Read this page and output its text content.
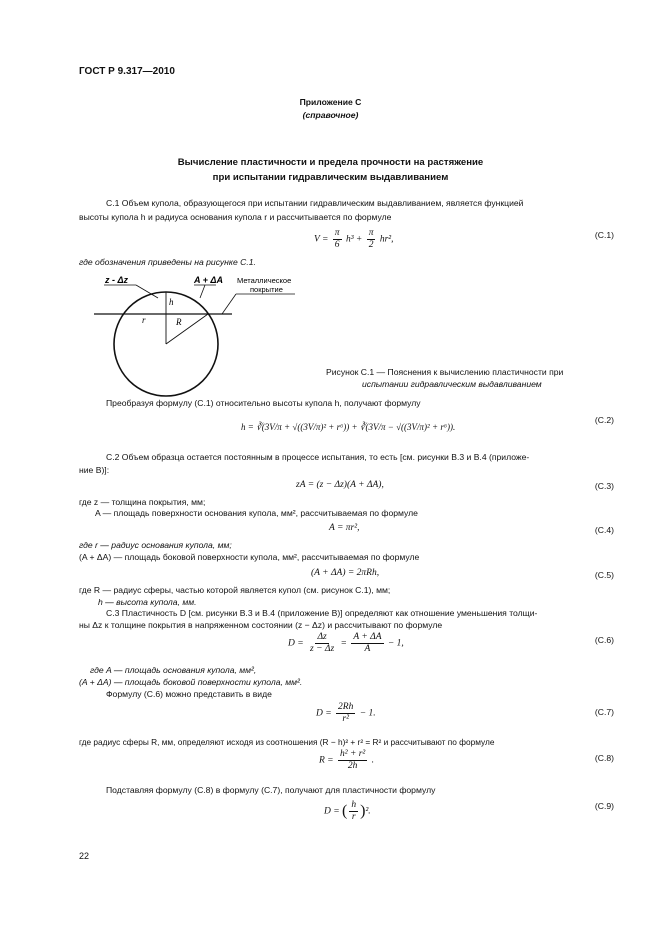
ГОСТ Р 9.317—2010
Приложение С
(справочное)
Вычисление пластичности и предела прочности на растяжение
при испытании гидравлическим выдавливанием
С.1 Объем купола, образующегося при испытании гидравлическим выдавливанием, является функцией
высоты купола h и радиуса основания купола r и рассчитывается по формуле
$V = \frac{\pi}{6} h^3 + \frac{\pi}{2} hr^2$,	(С.1)
где обозначения приведены на рисунке С.1.
z - Δz	A + ΔA Металлическое
покрытие
h
r	R
Рисунок С.1 — Пояснения к вычислению пластичности при
испытании гидравлическим выдавливанием
Преобразуя формулу (С.1) относительно высоты купола h, получают формулу
h = ∛(3V/π + √((3V/π)² + r⁶)) + ∛(3V/π − √((3V/π)² + r⁶)).
(С.2)
С.2 Объем образца остается постоянным в процессе испытания, то есть [см. рисунки В.3 и В.4 (приложе-
ние В)]:
zA = (z − Δz)(A + ΔA),	(С.3)
где z — толщина покрытия, мм;
A — площадь поверхности основания купола, мм², рассчитываемая по формуле
A = πr²,	(С.4)
где r — радиус основания купола, мм;
(A + ΔA) — площадь боковой поверхности купола, мм², рассчитываемая по формуле
(A + ΔA) = 2πRh,	(С.5)
где R — радиус сферы, частью которой является купол (см. рисунок С.1), мм;
h — высота купола, мм.
С.3 Пластичность D [см. рисунки В.3 и В.4 (приложение В)] определяют как отношение уменьшения толщи-
ны Δz к толщине покрытия в напряженном состоянии (z − Δz) и рассчитывают по формуле
$D = \frac{\Delta z}{z - \Delta z} = \frac{A + \Delta A}{A} - 1$,	(С.6)
где A — площадь основания купола, мм²,
(A + ΔA) — площадь боковой поверхности купола, мм².
Формулу (С.6) можно представить в виде
$D = \frac{2Rh}{\text{r²}} - 1$.	(С.7)
где радиус сферы R, мм, определяют исходя из соотношения (R − h)² + r² = R² и рассчитывают по формуле
$R = \frac{\text{h² + r²}}{2h}$ .	(С.8)
Подставляя формулу (С.8) в формулу (С.7), получают для пластичности формулу
D = ( $\frac{h}{r} )^2$.
(С.9)
22
